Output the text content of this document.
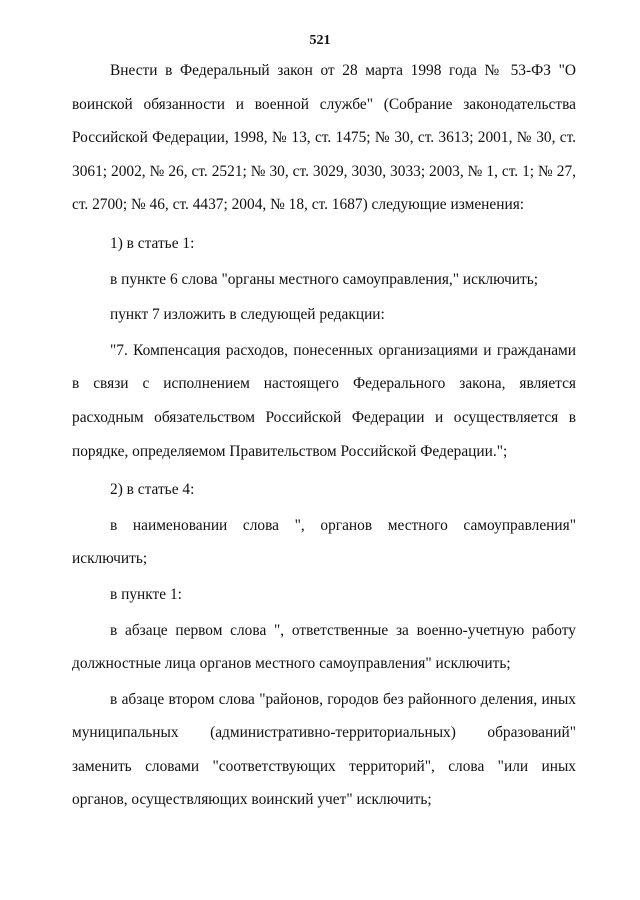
521

Внести в Федеральный закон от 28 марта 1998 года № 53-ФЗ "О воинской обязанности и военной службе" (Собрание законодательства Российской Федерации, 1998, № 13, ст. 1475; № 30, ст. 3613; 2001, № 30, ст. 3061; 2002, № 26, ст. 2521; № 30, ст. 3029, 3030, 3033; 2003, № 1, ст. 1; № 27, ст. 2700; № 46, ст. 4437; 2004, № 18, ст. 1687) следующие изменения:

1) в статье 1:

в пункте 6 слова "органы местного самоуправления," исключить;

пункт 7 изложить в следующей редакции:

"7. Компенсация расходов, понесенных организациями и гражданами в связи с исполнением настоящего Федерального закона, является расходным обязательством Российской Федерации и осуществляется в порядке, определяемом Правительством Российской Федерации.";

2) в статье 4:

в наименовании слова ", органов местного самоуправления" исключить;

в пункте 1:

в абзаце первом слова ", ответственные за военно-учетную работу должностные лица органов местного самоуправления" исключить;

в абзаце втором слова "районов, городов без районного деления, иных муниципальных (административно-территориальных) образований" заменить словами "соответствующих территорий", слова "или иных органов, осуществляющих воинский учет" исключить;
